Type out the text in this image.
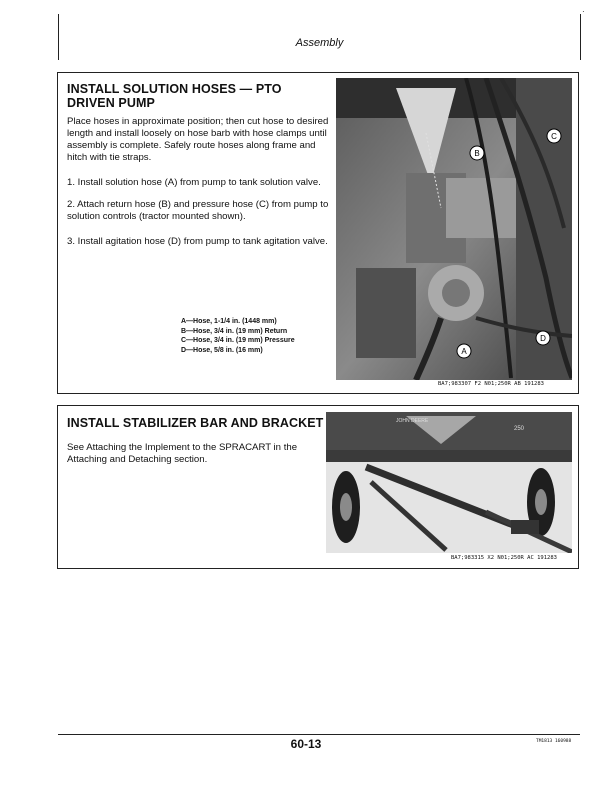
Assembly
·
INSTALL SOLUTION HOSES — PTO DRIVEN PUMP
Place hoses in approximate position; then cut hose to desired length and install loosely on hose barb with hose clamps until assembly is complete. Safely route hoses along frame and hitch with tie straps.
1. Install solution hose (A) from pump to tank solution valve.
2. Attach return hose (B) and pressure hose (C) from pump to solution controls (tractor mounted shown).
3. Install agitation hose (D) from pump to tank agitation valve.
A—Hose, 1-1/4 in. (1448 mm)
B—Hose, 3/4 in. (19 mm) Return
C—Hose, 3/4 in. (19 mm) Pressure
D—Hose, 5/8 in. (16 mm)
B
C
D
A
BA7;983307 F2 N01;250R AB 191283
INSTALL STABILIZER BAR AND BRACKET
See Attaching the Implement to the SPRACART in the Attaching and Detaching section.
JOHN DEERE
250
BA7;983315 X2 N01;250R AC 191283
60-13	TM1813 160988
